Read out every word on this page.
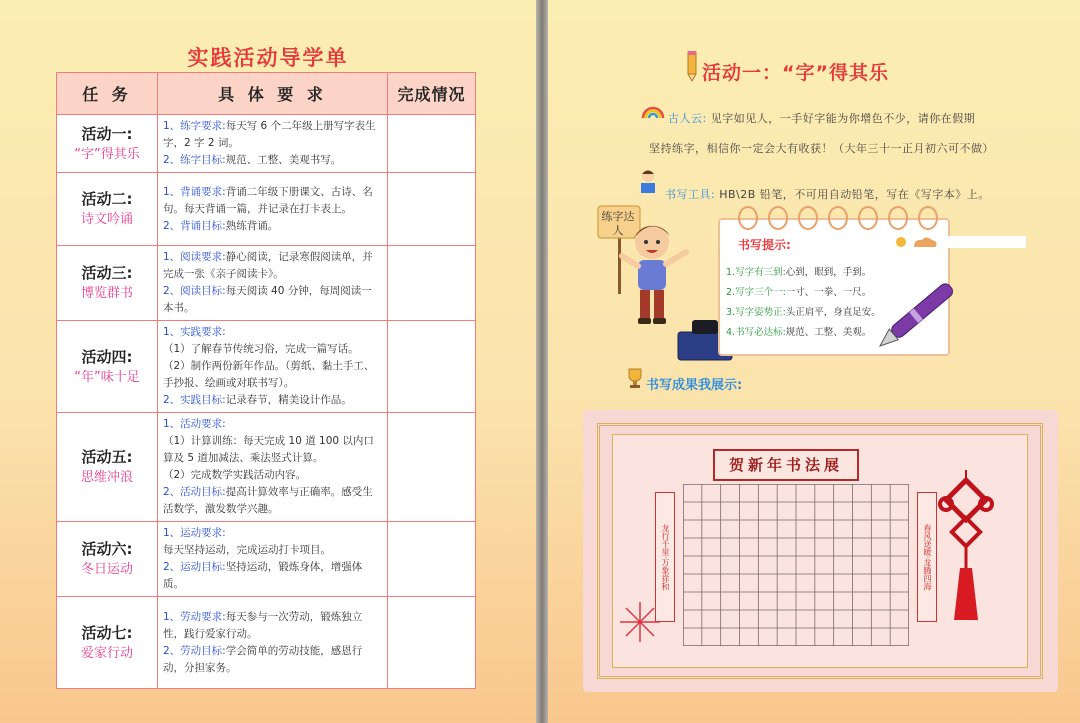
实践活动导学单
任 务	具 体 要 求	完成情况

活动一:
“字”得其乐	1、练字要求:每天写 6 个二年级上册写字表生字，2 字 2 词。
2、练字目标:规范、工整、美观书写。	

活动二:
诗文吟诵	1、背诵要求:背诵二年级下册课文、古诗、名句。每天背诵一篇，并记录在打卡表上。
2、背诵目标:熟练背诵。	

活动三:
博览群书	1、阅读要求:静心阅读，记录寒假阅读单，并完成一张《亲子阅读卡》。
2、阅读目标:每天阅读 40 分钟，每周阅读一本书。	

活动四:
“年”味十足	1、实践要求:
（1）了解春节传统习俗，完成一篇写话。
（2）制作两份新年作品。（剪纸、黏土手工、手抄报、绘画或对联书写）。
2、实践目标:记录春节，精美设计作品。	

活动五:
思维冲浪	1、活动要求:
（1）计算训练：每天完成 10 道 100 以内口算及 5 道加减法、乘法竖式计算。
（2）完成数学实践活动内容。
2、活动目标:提高计算效率与正确率。感受生活数学，激发数学兴趣。	

活动六:
冬日运动	1、运动要求:
每天坚持运动，完成运动打卡项目。
2、运动目标:坚持运动，锻炼身体，增强体质。	

活动七:
爱家行动	1、劳动要求:每天参与一次劳动，锻炼独立性，践行爱家行动。
2、劳动目标:学会简单的劳动技能，感恩行动，分担家务。	

活动一：“字”得其乐
古人云: 见字如见人，一手好字能为你增色不少，请你在假期
坚持练字，相信你一定会大有收获！（大年三十一正月初六可不做）
书写工具: HB\2B 铅笔，不可用自动铅笔，写在《写字本》上。
练字达人
书写提示:
1.写字有三到:心到，眼到，手到。
2.写字三个一:一寸、一拳、一尺。
3.写字姿势正:头正肩平，身直足安。
4.书写必达标:规范、工整、美观。
书写成果我展示:
贺新年书法展
龙行千里·万象祥和	春风送暖·龙腾四海
